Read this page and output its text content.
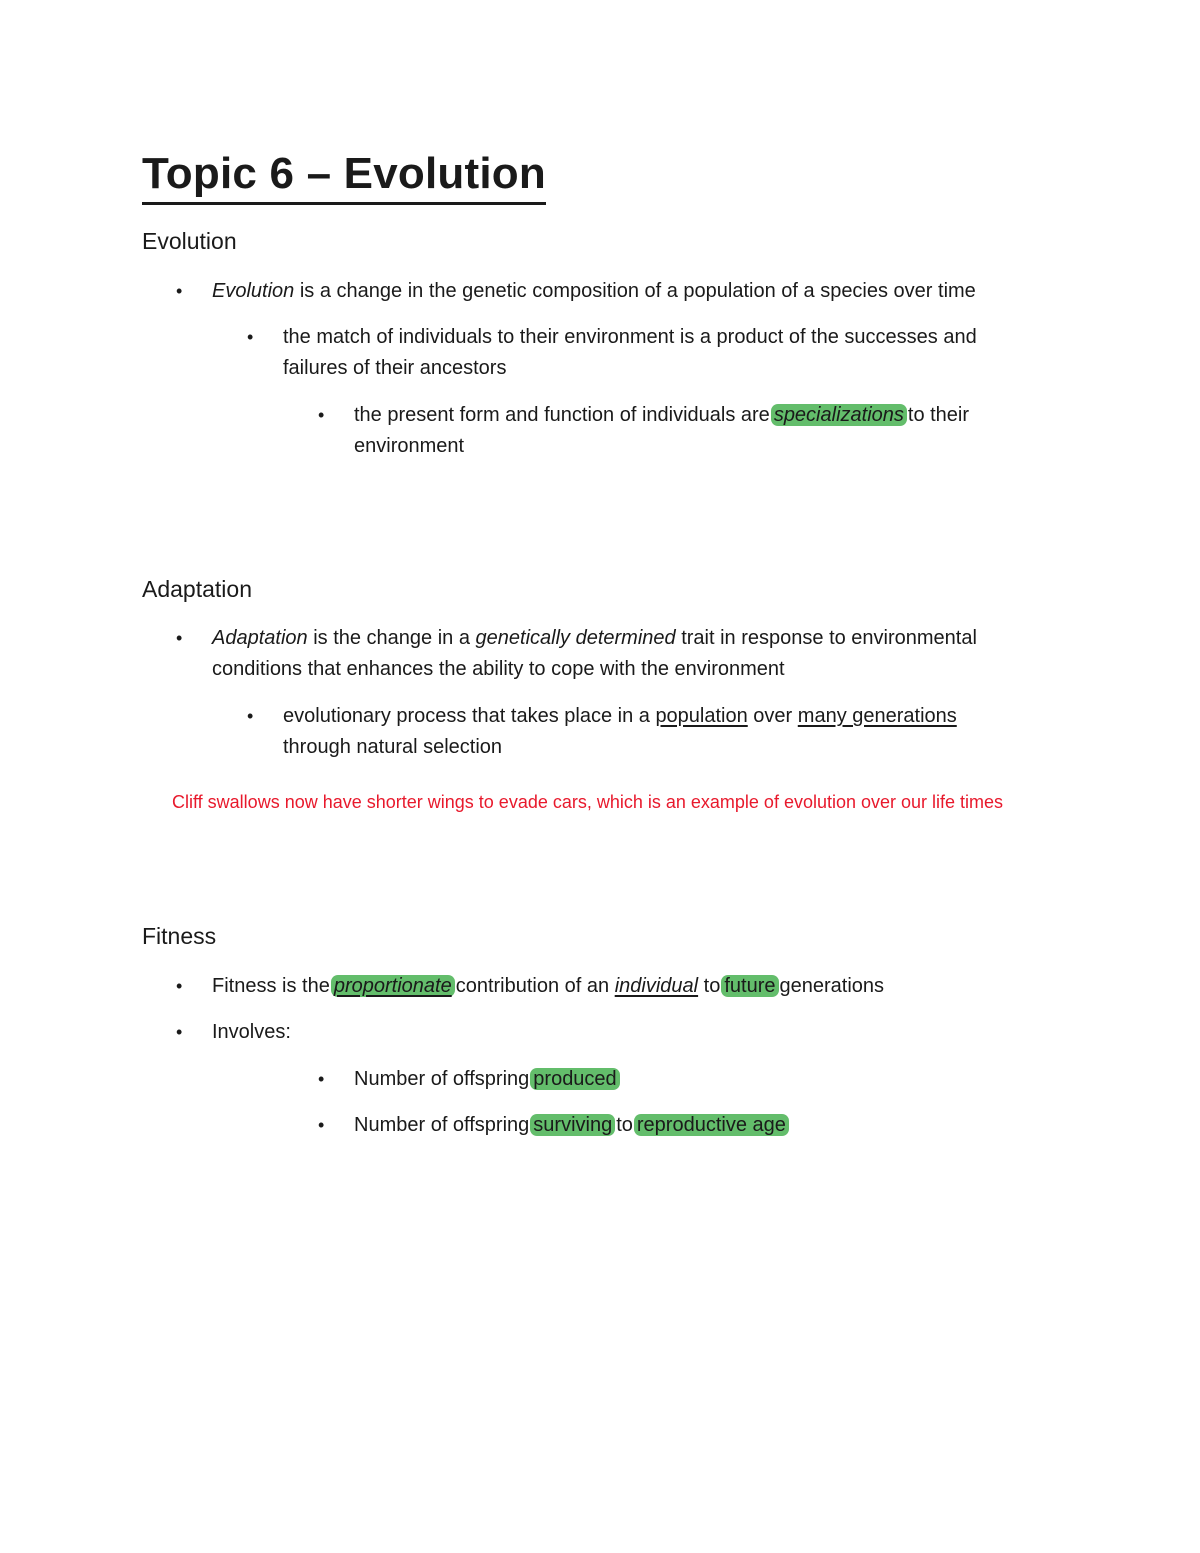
Topic 6 – Evolution
Evolution
• Evolution is a change in the genetic composition of a population of a species over time
• the match of individuals to their environment is a product of the successes and
failures of their ancestors
• the present form and function of individuals are specializations to their
environment
Adaptation
• Adaptation is the change in a genetically determined trait in response to environmental
conditions that enhances the ability to cope with the environment
• evolutionary process that takes place in a population over many generations
through natural selection
Cliff swallows now have shorter wings to evade cars, which is an example of evolution over our life times
Fitness
• Fitness is the proportionate contribution of an individual to future generations
• Involves:
• Number of offspring produced
• Number of offspring surviving to reproductive age
